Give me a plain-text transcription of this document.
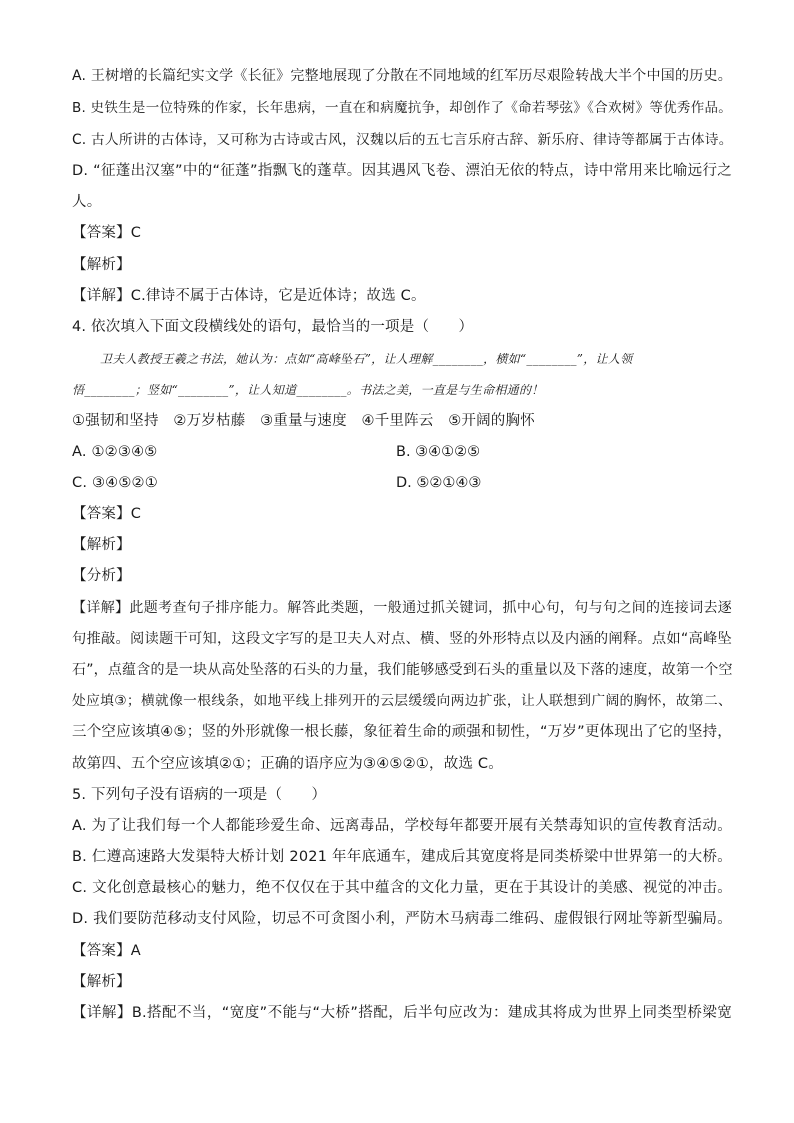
A. 王树增的长篇纪实文学《长征》完整地展现了分散在不同地域的红军历尽艰险转战大半个中国的历史。
B. 史铁生是一位特殊的作家，长年患病，一直在和病魔抗争，却创作了《命若琴弦》《合欢树》等优秀作品。
C. 古人所讲的古体诗，又可称为古诗或古风，汉魏以后的五七言乐府古辞、新乐府、律诗等都属于古体诗。
D. “征蓬出汉塞”中的“征蓬”指飘飞的蓬草。因其遇风飞卷、漂泊无依的特点，诗中常用来比喻远行之
人。
【答案】C
【解析】
【详解】C.律诗不属于古体诗，它是近体诗；故选 C。
4. 依次填入下面文段横线处的语句，最恰当的一项是（　　）
卫夫人教授王羲之书法，她认为：点如“高峰坠石”，让人理解________，横如“________”，让人领
悟________；竖如“________”，让人知道________。书法之美，一直是与生命相通的！
①强韧和坚持　②万岁枯藤　③重量与速度　④千里阵云　⑤开阔的胸怀
A. ①②③④⑤	B. ③④①②⑤
C. ③④⑤②①	D. ⑤②①④③
【答案】C
【解析】
【分析】
【详解】此题考查句子排序能力。解答此类题，一般通过抓关键词，抓中心句，句与句之间的连接词去逐
句推敲。阅读题干可知，这段文字写的是卫夫人对点、横、竖的外形特点以及内涵的阐释。点如“高峰坠
石”，点蕴含的是一块从高处坠落的石头的力量，我们能够感受到石头的重量以及下落的速度，故第一个空
处应填③；横就像一根线条，如地平线上排列开的云层缓缓向两边扩张，让人联想到广阔的胸怀，故第二、
三个空应该填④⑤；竖的外形就像一根长藤，象征着生命的顽强和韧性，“万岁”更体现出了它的坚持，
故第四、五个空应该填②①；正确的语序应为③④⑤②①，故选 C。
5. 下列句子没有语病的一项是（　　）
A. 为了让我们每一个人都能珍爱生命、远离毒品，学校每年都要开展有关禁毒知识的宣传教育活动。
B. 仁遵高速路大发渠特大桥计划 2021 年年底通车，建成后其宽度将是同类桥梁中世界第一的大桥。
C. 文化创意最核心的魅力，绝不仅仅在于其中蕴含的文化力量，更在于其设计的美感、视觉的冲击。
D. 我们要防范移动支付风险，切忌不可贪图小利，严防木马病毒二维码、虚假银行网址等新型骗局。
【答案】A
【解析】
【详解】B.搭配不当，“宽度”不能与“大桥”搭配，后半句应改为：建成其将成为世界上同类型桥梁宽
